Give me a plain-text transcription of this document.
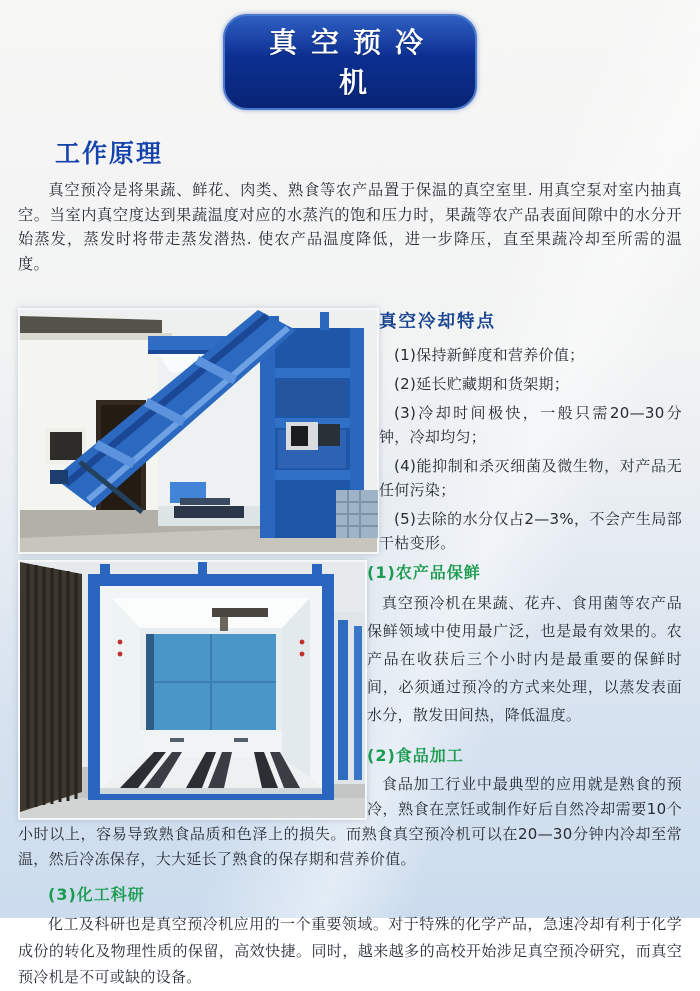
真空预冷机
工作原理

真空预冷是将果蔬、鲜花、肉类、熟食等农产品置于保温的真空室里. 用真空泵对室内抽真空。当室内真空度达到果蔬温度对应的水蒸汽的饱和压力时，果蔬等农产品表面间隙中的水分开始蒸发，蒸发时将带走蒸发潜热. 使农产品温度降低，进一步降压，直至果蔬冷却至所需的温度。

真空冷却特点

(1)保持新鲜度和营养价值；

(2)延长贮藏期和货架期；

(3)冷却时间极快，一般只需20—30分钟，冷却均匀；

(4)能抑制和杀灭细菌及微生物，对产品无任何污染；

(5)去除的水分仅占2—3%，不会产生局部干枯变形。

(1)农产品保鲜

真空预冷机在果蔬、花卉、食用菌等农产品保鲜领域中使用最广泛，也是最有效果的。农产品在收获后三个小时内是最重要的保鲜时间，必须通过预冷的方式来处理，以蒸发表面水分，散发田间热，降低温度。

(2)食品加工

食品加工行业中最典型的应用就是熟食的预冷，熟食在烹饪或制作好后自然冷却需要10个小时以上，容易导致熟食品质和色泽上的损失。而熟食真空预冷机可以在20—30分钟内冷却至常温，然后冷冻保存，大大延长了熟食的保存期和营养价值。

(3)化工科研

化工及科研也是真空预冷机应用的一个重要领域。对于特殊的化学产品，急速冷却有利于化学成份的转化及物理性质的保留，高效快捷。同时，越来越多的高校开始涉足真空预冷研究，而真空预冷机是不可或缺的设备。
